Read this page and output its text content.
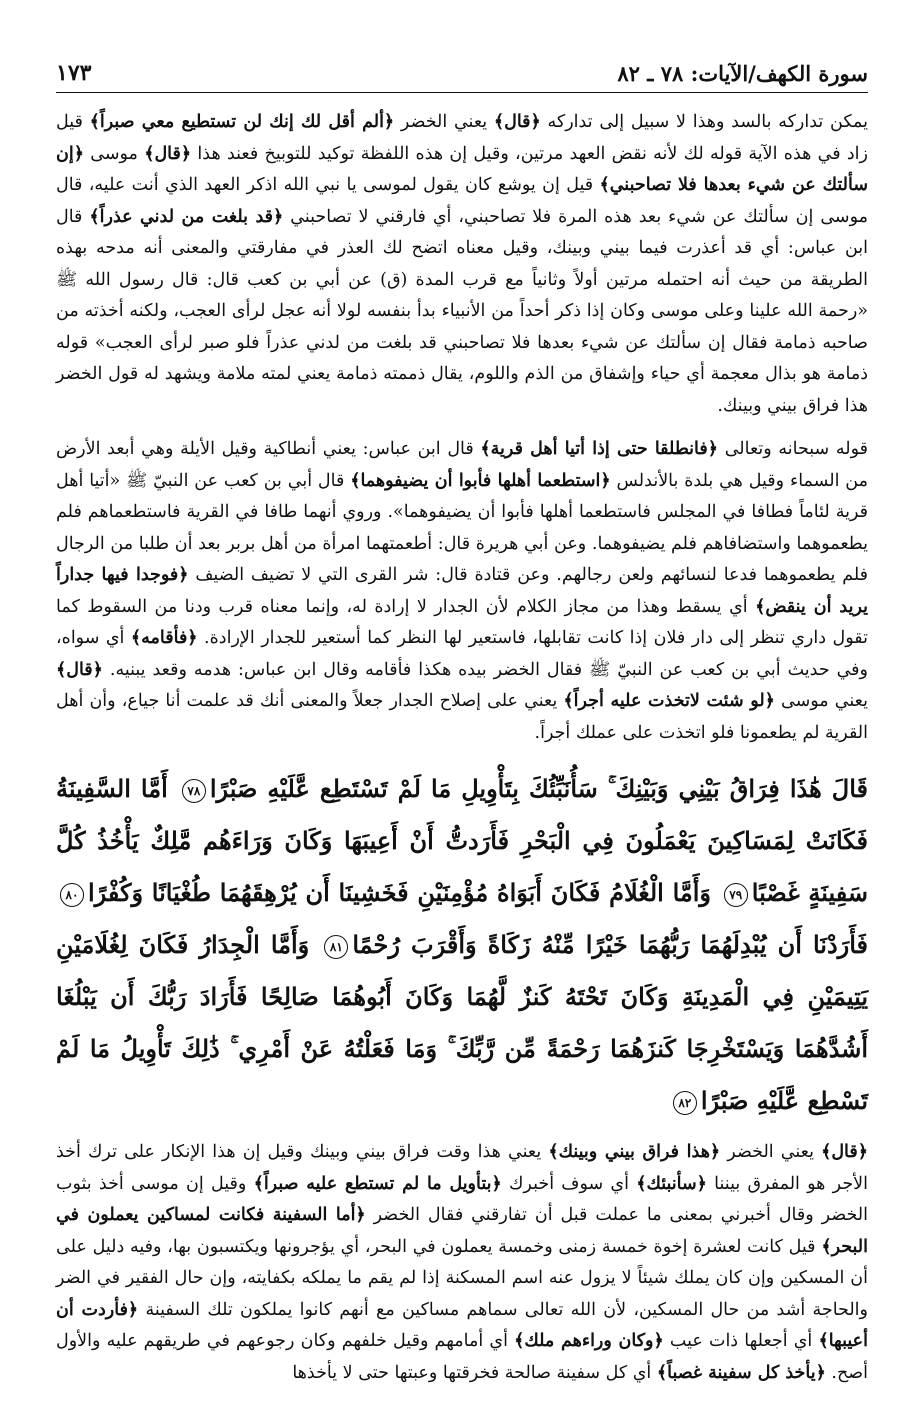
سورة الكهف/الآيات: ٧٨ ـ ٨٢
١٧٣

يمكن تداركه بالسد وهذا لا سبيل إلى تداركه ﴿قال﴾ يعني الخضر ﴿ألم أقل لك إنك لن تستطيع معي صبراً﴾ قيل زاد في هذه الآية قوله لك لأنه نقض العهد مرتين، وقيل إن هذه اللفظة توكيد للتوبيخ فعند هذا ﴿قال﴾ موسى ﴿إن سألتك عن شيء بعدها فلا تصاحبني﴾ قيل إن يوشع كان يقول لموسى يا نبي الله اذكر العهد الذي أنت عليه، قال موسى إن سألتك عن شيء بعد هذه المرة فلا تصاحبني، أي فارقني لا تصاحبني ﴿قد بلغت من لدني عذراً﴾ قال ابن عباس: أي قد أعذرت فيما بيني وبينك، وقيل معناه اتضح لك العذر في مفارقتي والمعنى أنه مدحه بهذه الطريقة من حيث أنه احتمله مرتين أولاً وثانياً مع قرب المدة (ق) عن أبي بن كعب قال: قال رسول الله ﷺ «رحمة الله علينا وعلى موسى وكان إذا ذكر أحداً من الأنبياء بدأ بنفسه لولا أنه عجل لرأى العجب، ولكنه أخذته من صاحبه ذمامة فقال إن سألتك عن شيء بعدها فلا تصاحبني قد بلغت من لدني عذراً فلو صبر لرأى العجب» قوله ذمامة هو بذال معجمة أي حياء وإشفاق من الذم واللوم، يقال ذممته ذمامة يعني لمته ملامة ويشهد له قول الخضر هذا فراق بيني وبينك.

قوله سبحانه وتعالى ﴿فانطلقا حتى إذا أتيا أهل قرية﴾ قال ابن عباس: يعني أنطاكية وقيل الأيلة وهي أبعد الأرض من السماء وقيل هي بلدة بالأندلس ﴿استطعما أهلها فأبوا أن يضيفوهما﴾ قال أبي بن كعب عن النبيّ ﷺ «أتيا أهل قرية لئاماً فطافا في المجلس فاستطعما أهلها فأبوا أن يضيفوهما». وروي أنهما طافا في القرية فاستطعماهم فلم يطعموهما واستضافاهم فلم يضيفوهما. وعن أبي هريرة قال: أطعمتهما امرأة من أهل بربر بعد أن طلبا من الرجال فلم يطعموهما فدعا لنسائهم ولعن رجالهم. وعن قتادة قال: شر القرى التي لا تضيف الضيف ﴿فوجدا فيها جداراً يريد أن ينقض﴾ أي يسقط وهذا من مجاز الكلام لأن الجدار لا إرادة له، وإنما معناه قرب ودنا من السقوط كما تقول داري تنظر إلى دار فلان إذا كانت تقابلها، فاستعير لها النظر كما أستعير للجدار الإرادة. ﴿فأقامه﴾ أي سواه، وفي حديث أبي بن كعب عن النبيّ ﷺ فقال الخضر بيده هكذا فأقامه وقال ابن عباس: هدمه وقعد يبنيه. ﴿قال﴾ يعني موسى ﴿لو شئت لاتخذت عليه أجراً﴾ يعني على إصلاح الجدار جعلاً والمعنى أنك قد علمت أنا جياع، وأن أهل القرية لم يطعمونا فلو اتخذت على عملك أجراً.

قَالَ هَٰذَا فِرَاقُ بَيْنِي وَبَيْنِكَ ۚ سَأُنَبِّئُكَ بِتَأْوِيلِ مَا لَمْ تَسْتَطِع عَّلَيْهِ صَبْرًا٧٨ أَمَّا السَّفِينَةُ فَكَانَتْ لِمَسَاكِينَ يَعْمَلُونَ فِي الْبَحْرِ فَأَرَدتُّ أَنْ أَعِيبَهَا وَكَانَ وَرَاءَهُم مَّلِكٌ يَأْخُذُ كُلَّ سَفِينَةٍ غَصْبًا٧٩ وَأَمَّا الْغُلَامُ فَكَانَ أَبَوَاهُ مُؤْمِنَيْنِ فَخَشِينَا أَن يُرْهِقَهُمَا طُغْيَانًا وَكُفْرًا٨٠ فَأَرَدْنَا أَن يُبْدِلَهُمَا رَبُّهُمَا خَيْرًا مِّنْهُ زَكَاةً وَأَقْرَبَ رُحْمًا٨١ وَأَمَّا الْجِدَارُ فَكَانَ لِغُلَامَيْنِ يَتِيمَيْنِ فِي الْمَدِينَةِ وَكَانَ تَحْتَهُ كَنزٌ لَّهُمَا وَكَانَ أَبُوهُمَا صَالِحًا فَأَرَادَ رَبُّكَ أَن يَبْلُغَا أَشُدَّهُمَا وَيَسْتَخْرِجَا كَنزَهُمَا رَحْمَةً مِّن رَّبِّكَ ۚ وَمَا فَعَلْتُهُ عَنْ أَمْرِي ۚ ذَٰلِكَ تَأْوِيلُ مَا لَمْ تَسْطِع عَّلَيْهِ صَبْرًا٨٢

﴿قال﴾ يعني الخضر ﴿هذا فراق بيني وبينك﴾ يعني هذا وقت فراق بيني وبينك وقيل إن هذا الإنكار على ترك أخذ الأجر هو المفرق بيننا ﴿سأنبئك﴾ أي سوف أخبرك ﴿بتأويل ما لم تستطع عليه صبراً﴾ وقيل إن موسى أخذ بثوب الخضر وقال أخبرني بمعنى ما عملت قبل أن تفارقني فقال الخضر ﴿أما السفينة فكانت لمساكين يعملون في البحر﴾ قيل كانت لعشرة إخوة خمسة زمنى وخمسة يعملون في البحر، أي يؤجرونها ويكتسبون بها، وفيه دليل على أن المسكين وإن كان يملك شيئاً لا يزول عنه اسم المسكنة إذا لم يقم ما يملكه بكفايته، وإن حال الفقير في الضر والحاجة أشد من حال المسكين، لأن الله تعالى سماهم مساكين مع أنهم كانوا يملكون تلك السفينة ﴿فأردت أن أعيبها﴾ أي أجعلها ذات عيب ﴿وكان وراءهم ملك﴾ أي أمامهم وقيل خلفهم وكان رجوعهم في طريقهم عليه والأول أصح. ﴿يأخذ كل سفينة غصباً﴾ أي كل سفينة صالحة فخرقتها وعبتها حتى لا يأخذها
